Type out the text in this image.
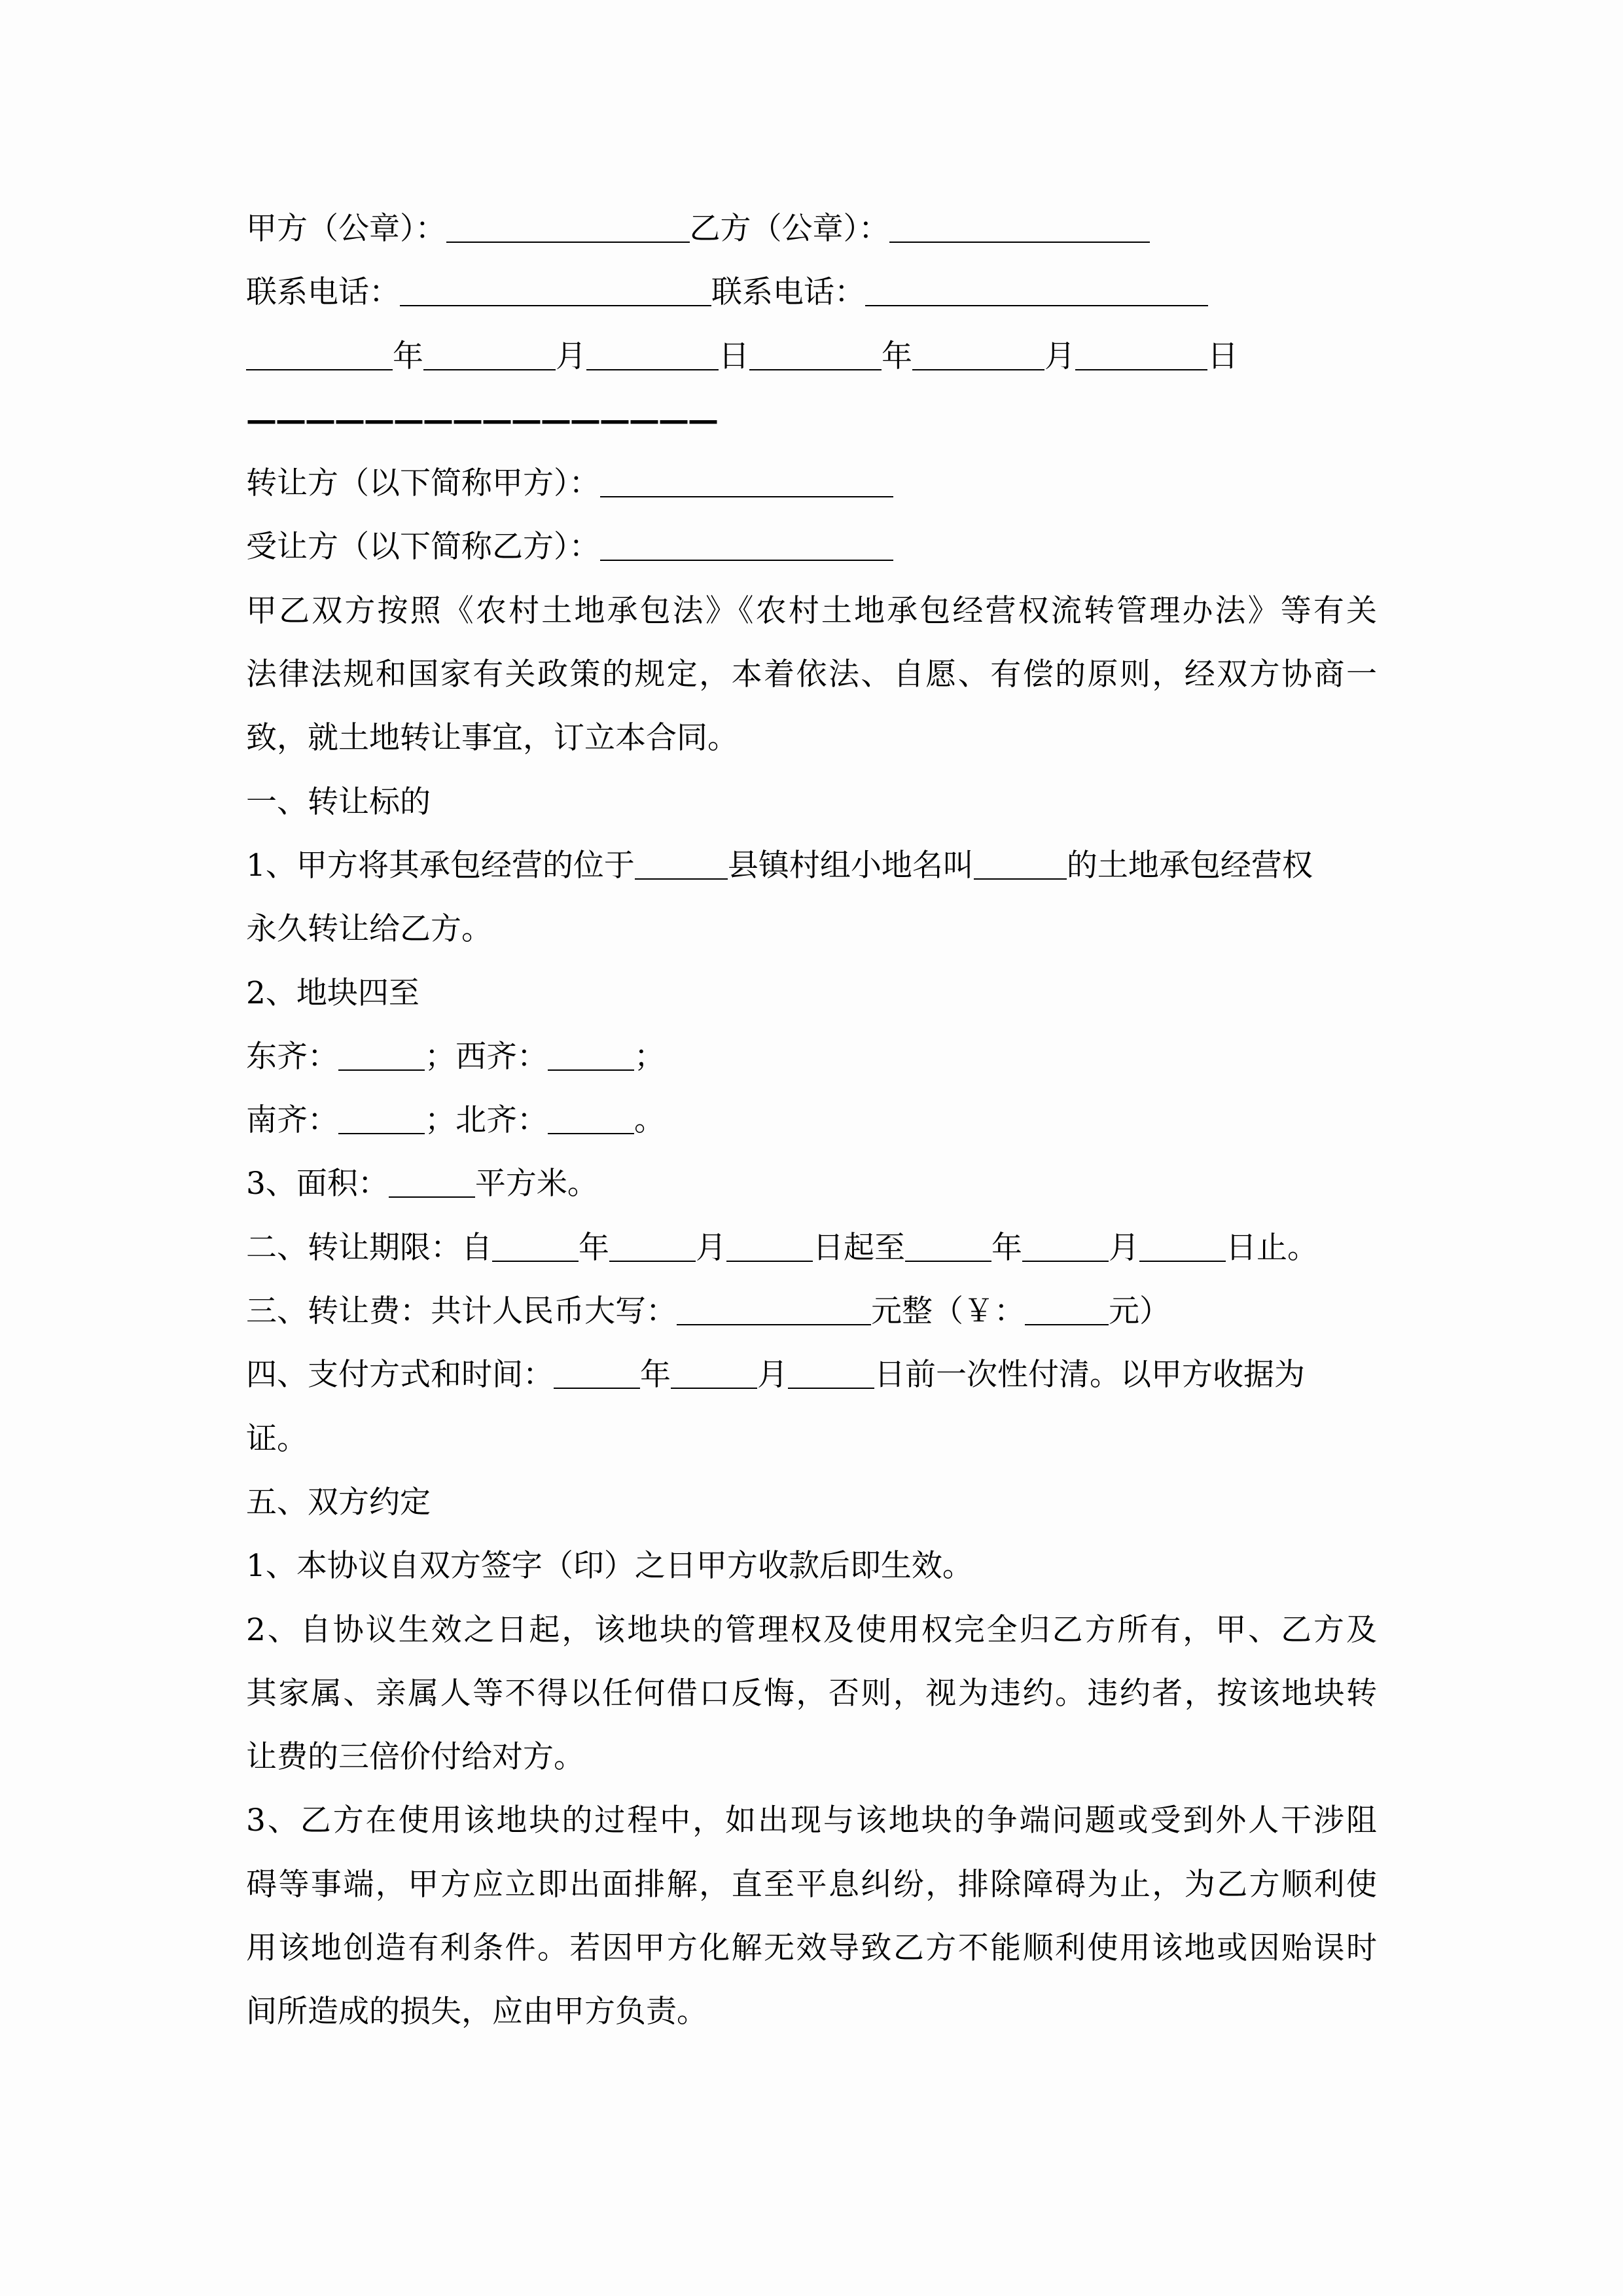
甲方（公章）：	乙方（公章）：
联系电话：	联系电话：
年	月	日	年	月	日
————————————————
转让方（以下简称甲方）：
受让方（以下简称乙方）：
甲乙双方按照《农村土地承包法》《农村土地承包经营权流转管理办法》等有关
法律法规和国家有关政策的规定，本着依法、自愿、有偿的原则，经双方协商一
致，就土地转让事宜，订立本合同。
一、转让标的
1、甲方将其承包经营的位于	县镇村组小地名叫	的土地承包经营权
永久转让给乙方。
2、地块四至
东齐：	；西齐：	；
南齐：	；北齐：	。
3、面积：	平方米。
二、转让期限：自	年	月	日起至	年	月	日止。
三、转让费：共计人民币大写：	元整（￥：	元）
四、支付方式和时间：	年	月	日前一次性付清。以甲方收据为
证。
五、双方约定
1、本协议自双方签字（印）之日甲方收款后即生效。
2、自协议生效之日起，该地块的管理权及使用权完全归乙方所有，甲、乙方及
其家属、亲属人等不得以任何借口反悔，否则，视为违约。违约者，按该地块转
让费的三倍价付给对方。
3、乙方在使用该地块的过程中，如出现与该地块的争端问题或受到外人干涉阻
碍等事端，甲方应立即出面排解，直至平息纠纷，排除障碍为止，为乙方顺利使
用该地创造有利条件。若因甲方化解无效导致乙方不能顺利使用该地或因贻误时
间所造成的损失，应由甲方负责。
